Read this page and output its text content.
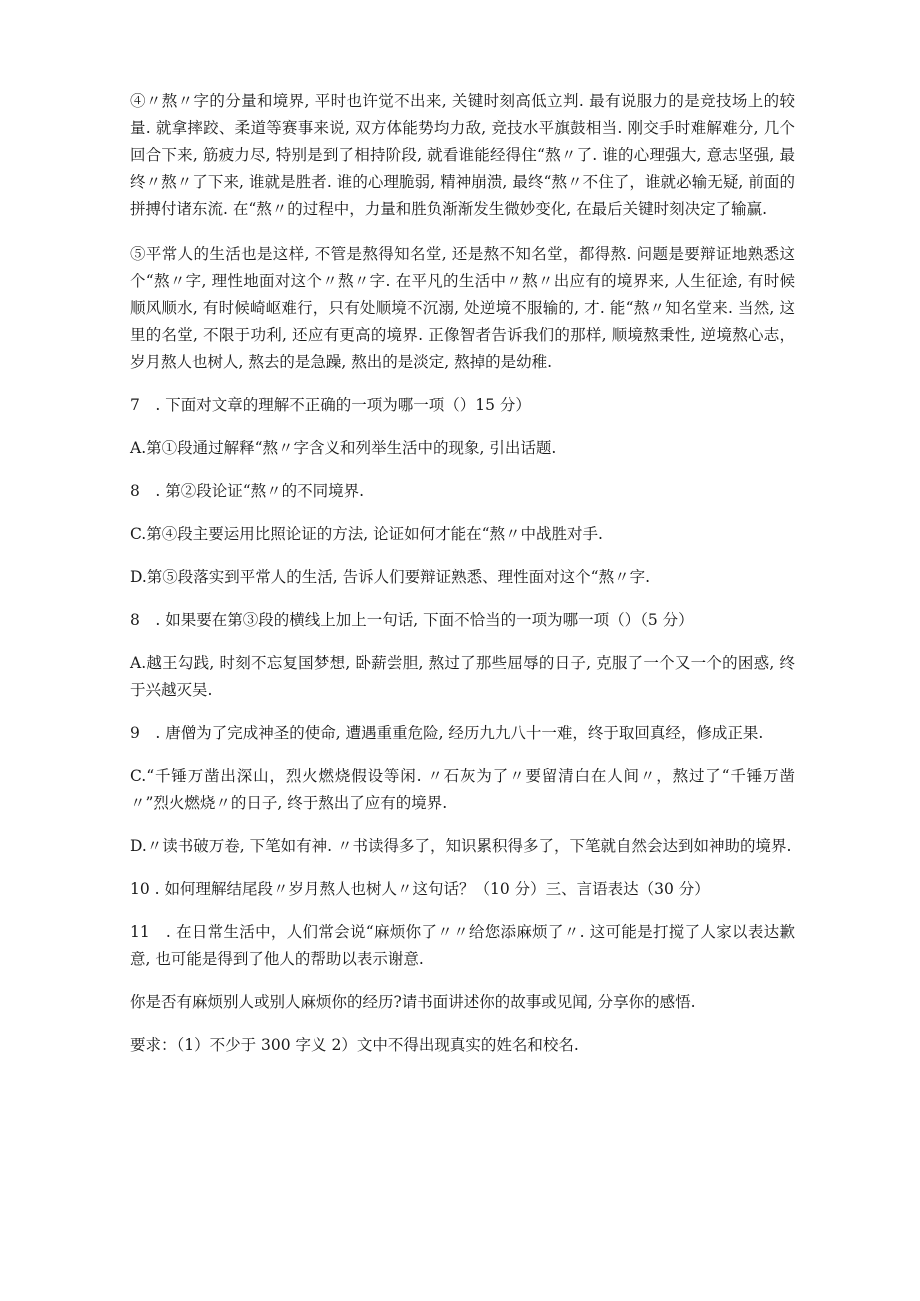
④〃熬〃字的分量和境界, 平时也许觉不出来, 关键时刻高低立判. 最有说服力的是竞技场上的较量. 就拿摔跤、柔道等赛事来说, 双方体能势均力敌, 竞技水平旗鼓相当. 刚交手时难解难分, 几个回合下来, 筋疲力尽, 特别是到了相持阶段, 就看谁能经得住“熬〃了. 谁的心理强大, 意志坚强, 最终〃熬〃了下来, 谁就是胜者. 谁的心理脆弱, 精神崩溃, 最终“熬〃不住了，谁就必输无疑, 前面的拼搏付诸东流. 在“熬〃的过程中，力量和胜负渐渐发生微妙变化, 在最后关键时刻决定了输赢.

⑤平常人的生活也是这样, 不管是熬得知名堂, 还是熬不知名堂，都得熬. 问题是要辩证地熟悉这个“熬〃字, 理性地面对这个〃熬〃字. 在平凡的生活中〃熬〃出应有的境界来, 人生征途, 有时候顺风顺水, 有时候崎岖难行，只有处顺境不沉溺, 处逆境不服输的, 才. 能“熬〃知名堂来. 当然, 这里的名堂, 不限于功利, 还应有更高的境界. 正像智者告诉我们的那样, 顺境熬秉性, 逆境熬心志，岁月熬人也树人, 熬去的是急躁, 熬出的是淡定, 熬掉的是幼稚.

7　. 下面对文章的理解不正确的一项为哪一项（）15 分）

A.第①段通过解释“熬〃字含义和列举生活中的现象, 引出话题.

8　. 第②段论证“熬〃的不同境界.

C.第④段主要运用比照论证的方法, 论证如何才能在“熬〃中战胜对手.

D.第⑤段落实到平常人的生活, 告诉人们要辩证熟悉、理性面对这个“熬〃字.

8　. 如果要在第③段的横线上加上一句话, 下面不恰当的一项为哪一项（）（5 分）

A.越王勾践, 时刻不忘复国梦想, 卧薪尝胆, 熬过了那些屈辱的日子, 克服了一个又一个的困惑, 终于兴越灭吴.

9　. 唐僧为了完成神圣的使命, 遭遇重重危险, 经历九九八十一难，终于取回真经，修成正果.

C.“千锤万凿出深山，烈火燃烧假设等闲. 〃石灰为了〃要留清白在人间〃，熬过了“千锤万凿〃”烈火燃烧〃的日子, 终于熬出了应有的境界.

D.〃读书破万卷, 下笔如有神. 〃书读得多了，知识累积得多了，下笔就自然会达到如神助的境界.

10 . 如何理解结尾段〃岁月熬人也树人〃这句话？（10 分）三、言语表达（30 分）

11　. 在日常生活中，人们常会说“麻烦你了〃〃给您添麻烦了〃. 这可能是打搅了人家以表达歉意, 也可能是得到了他人的帮助以表示谢意.

你是否有麻烦别人或别人麻烦你的经历?请书面讲述你的故事或见闻, 分享你的感悟.

要求：（1）不少于 300 字义 2）文中不得出现真实的姓名和校名.
